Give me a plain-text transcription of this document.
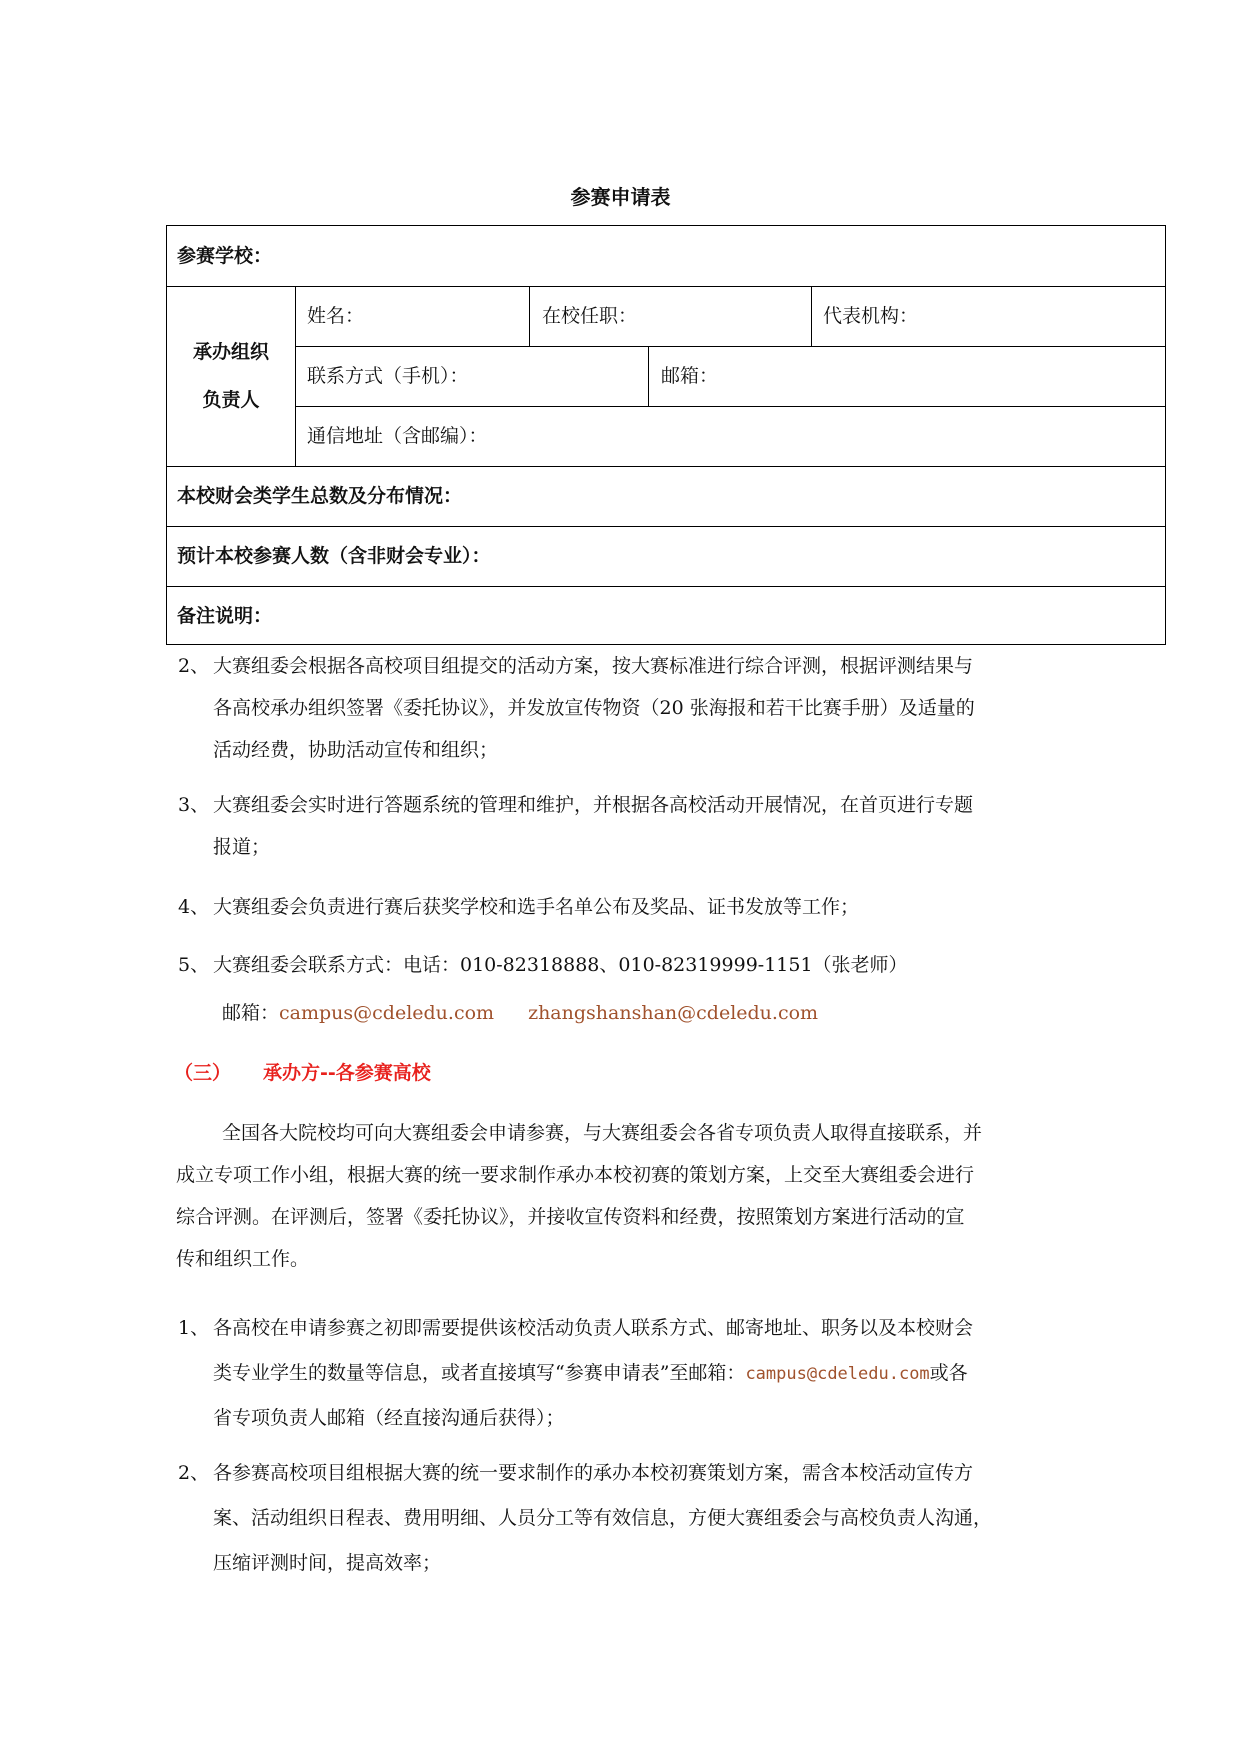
参赛申请表
参赛学校：
承办组织
负责人
姓名：	在校任职：	代表机构：
联系方式（手机）：	邮箱：
通信地址（含邮编）：
本校财会类学生总数及分布情况：
预计本校参赛人数（含非财会专业）：
备注说明：
2、 大赛组委会根据各高校项目组提交的活动方案，按大赛标准进行综合评测，根据评测结果与
各高校承办组织签署《委托协议》，并发放宣传物资（20 张海报和若干比赛手册）及适量的
活动经费，协助活动宣传和组织；
3、 大赛组委会实时进行答题系统的管理和维护，并根据各高校活动开展情况，在首页进行专题
报道；
4、 大赛组委会负责进行赛后获奖学校和选手名单公布及奖品、证书发放等工作；
5、 大赛组委会联系方式：电话：010-82318888、010-82319999-1151（张老师）
邮箱：campus@cdeledu.com zhangshanshan@cdeledu.com
（三） 承办方--各参赛高校
全国各大院校均可向大赛组委会申请参赛，与大赛组委会各省专项负责人取得直接联系，并
成立专项工作小组，根据大赛的统一要求制作承办本校初赛的策划方案，上交至大赛组委会进行
综合评测。在评测后，签署《委托协议》，并接收宣传资料和经费，按照策划方案进行活动的宣
传和组织工作。
1、 各高校在申请参赛之初即需要提供该校活动负责人联系方式、邮寄地址、职务以及本校财会
类专业学生的数量等信息，或者直接填写“参赛申请表”至邮箱：campus@cdeledu.com或各
省专项负责人邮箱（经直接沟通后获得）；
2、 各参赛高校项目组根据大赛的统一要求制作的承办本校初赛策划方案，需含本校活动宣传方
案、活动组织日程表、费用明细、人员分工等有效信息，方便大赛组委会与高校负责人沟通，
压缩评测时间，提高效率；
